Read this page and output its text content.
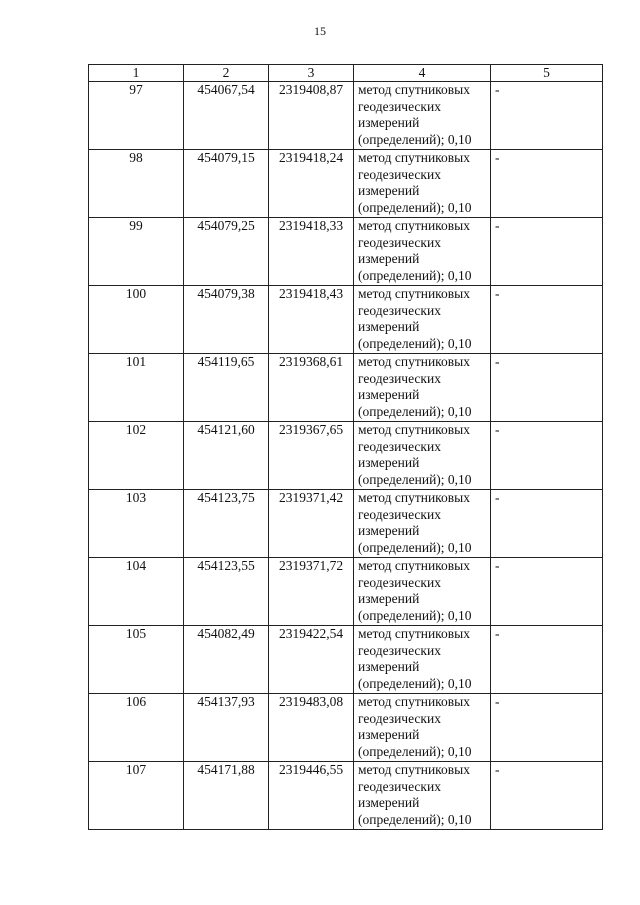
15
1	2	3	4	5
97	454067,54	2319408,87	метод спутниковых геодезических измерений (определений); 0,10	-
98	454079,15	2319418,24	метод спутниковых геодезических измерений (определений); 0,10	-
99	454079,25	2319418,33	метод спутниковых геодезических измерений (определений); 0,10	-
100	454079,38	2319418,43	метод спутниковых геодезических измерений (определений); 0,10	-
101	454119,65	2319368,61	метод спутниковых геодезических измерений (определений); 0,10	-
102	454121,60	2319367,65	метод спутниковых геодезических измерений (определений); 0,10	-
103	454123,75	2319371,42	метод спутниковых геодезических измерений (определений); 0,10	-
104	454123,55	2319371,72	метод спутниковых геодезических измерений (определений); 0,10	-
105	454082,49	2319422,54	метод спутниковых геодезических измерений (определений); 0,10	-
106	454137,93	2319483,08	метод спутниковых геодезических измерений (определений); 0,10	-
107	454171,88	2319446,55	метод спутниковых геодезических измерений (определений); 0,10	-
